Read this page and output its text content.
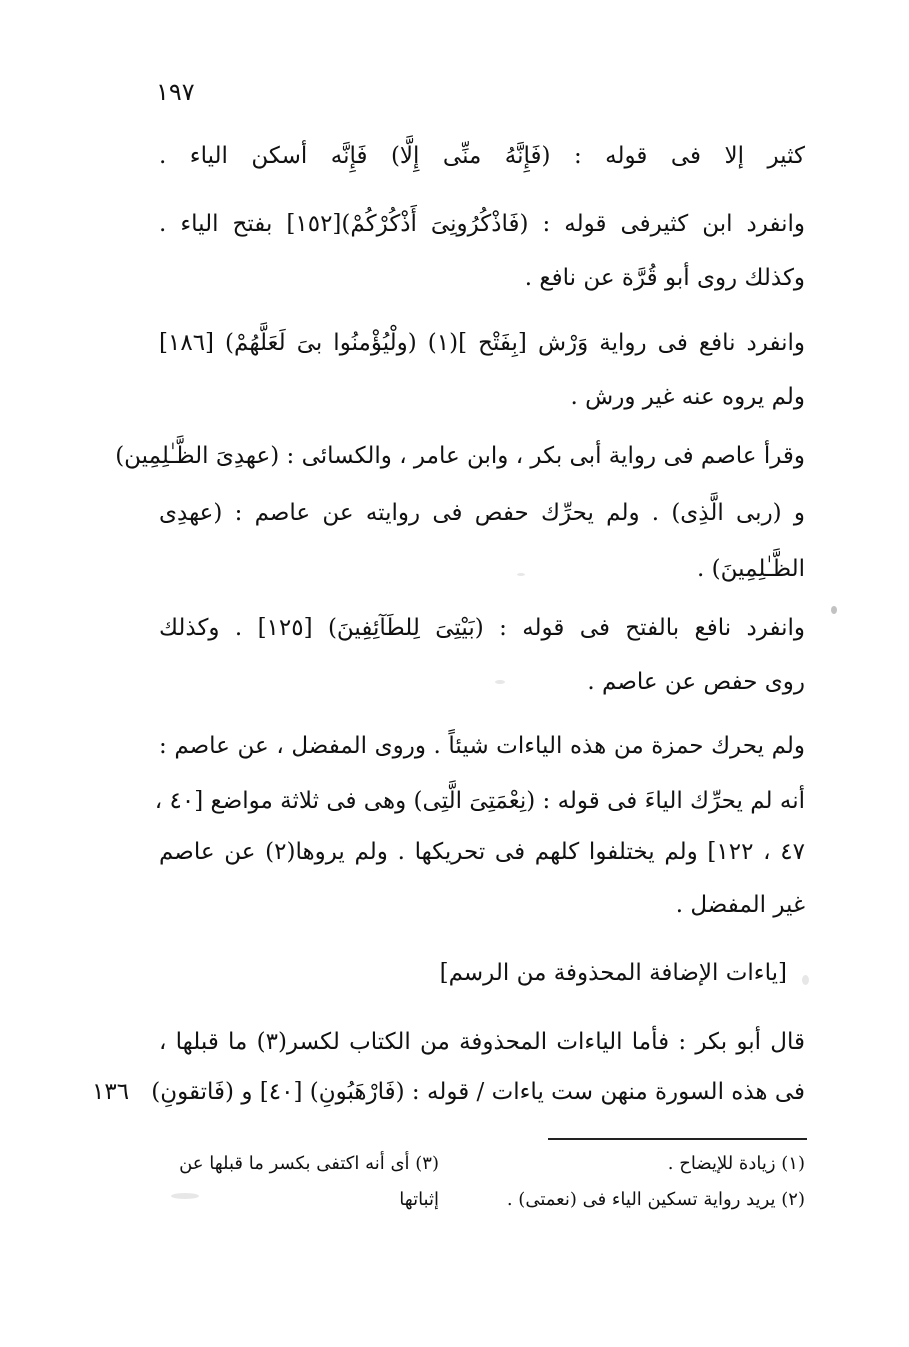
١٩٧
كثير إلا فى قوله : (فَإِنَّهُ منِّى إِلَّا) فَإِنَّه أسكن الياء .
وانفرد ابن كثيرفى قوله : (فَاذْكُرُونِىَ أَذْكُرْكُمْ)[١٥٢] بفتح الياء .
وكذلك روى أبو قُرَّة عن نافع .
وانفرد نافع فى رواية وَرْش [بِفَتْح ](١) (ولْيُؤْمنُوا بىَ لَعَلَّهُمْ) [١٨٦]
ولم يروه عنه غير ورش .
وقرأ عاصم فى رواية أبى بكر ، وابن عامر ، والكسائى : (عهدِىَ الظَّـٰلِمِين)
و (ربى الَّذِى) . ولم يحرِّك حفص فى روايته عن عاصم : (عهدِى
الظَّـٰلِمِينَ) .
وانفرد نافع بالفتح فى قوله : (بَيْتِىَ لِلطَآئِفِينَ) [١٢٥] . وكذلك
روى حفص عن عاصم .
ولم يحرك حمزة من هذه الياءات شيئاً . وروى المفضل ، عن عاصم :
أنه لم يحرِّك الياءَ فى قوله : (نِعْمَتِىَ الَّتِى) وهى فى ثلاثة مواضع [٤٠ ،
٤٧ ، ١٢٢] ولم يختلفوا كلهم فى تحريكها . ولم يروها(٢) عن عاصم
غير المفضل .
[ياءات الإضافة المحذوفة من الرسم]
قال أبو بكر : فأما الياءات المحذوفة من الكتاب لكسر(٣) ما قبلها ،
فى هذه السورة منهن ست ياءات / قوله : (فَارْهَبُونِ) [٤٠] و (فَاتقونِ)
١٣٦
(١) زيادة للإيضاح .
(٢) يريد رواية تسكين الياء فى (نعمتى) .
(٣) أى أنه اكتفى بكسر ما قبلها عن
إثباتها
